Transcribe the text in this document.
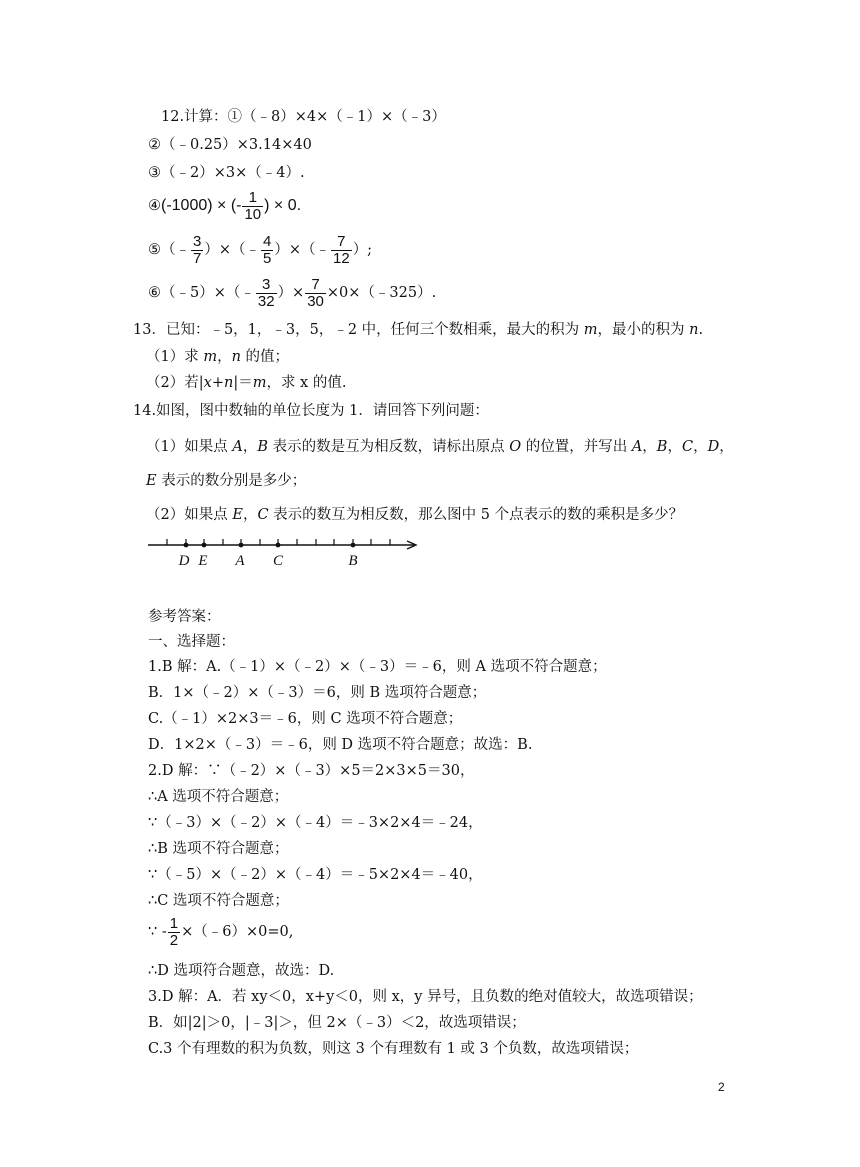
12.计算：①（﹣8）×4×（﹣1）×（﹣3）
②（﹣0.25）×3.14×40
③（﹣2）×3×（﹣4）.
④(-1000) × (- $\frac{1}{10}$ ) × 0.
⑤（﹣ $\frac{3}{7}$ ）×（﹣ $\frac{4}{5}$ ）×（﹣ $\frac{7}{12}$ ）;
⑥（﹣5）×（﹣ $\frac{3}{32}$ ）× $\frac{7}{30}$ ×0×（﹣325）.
13．已知：﹣5，1，﹣3，5，﹣2 中，任何三个数相乘，最大的积为 m，最小的积为 n.
（1）求 m，n 的值；
（2）若|x+n|＝m，求 x 的值.
14.如图，图中数轴的单位长度为 1．请回答下列问题：
（1）如果点 A，B 表示的数是互为相反数，请标出原点 O 的位置，并写出 A，B，C，D，
E 表示的数分别是多少；
（2）如果点 E，C 表示的数互为相反数，那么图中 5 个点表示的数的乘积是多少？
D E A C	B
参考答案：
一、选择题：
1.B 解：A.（﹣1）×（﹣2）×（﹣3）＝﹣6，则 A 选项不符合题意；
B．1×（﹣2）×（﹣3）＝6，则 B 选项符合题意；
C.（﹣1）×2×3＝﹣6，则 C 选项不符合题意；
D．1×2×（﹣3）＝﹣6，则 D 选项不符合题意；故选：B.
2.D 解：∵（﹣2）×（﹣3）×5＝2×3×5＝30，
∴A 选项不符合题意；
∵（﹣3）×（﹣2）×（﹣4）＝﹣3×2×4＝﹣24，
∴B 选项不符合题意；
∵（﹣5）×（﹣2）×（﹣4）＝﹣5×2×4＝﹣40，
∴C 选项不符合题意；
∵ - $\frac{1}{2}$ ×（﹣6）×0=0,
∴D 选项符合题意，故选：D.
3.D 解：A．若 xy＜0，x+y＜0，则 x，y 异号，且负数的绝对值较大，故选项错误；
B．如|2|＞0，|﹣3|＞，但 2×（﹣3）＜2，故选项错误；
C.3 个有理数的积为负数，则这 3 个有理数有 1 或 3 个负数，故选项错误；
2
